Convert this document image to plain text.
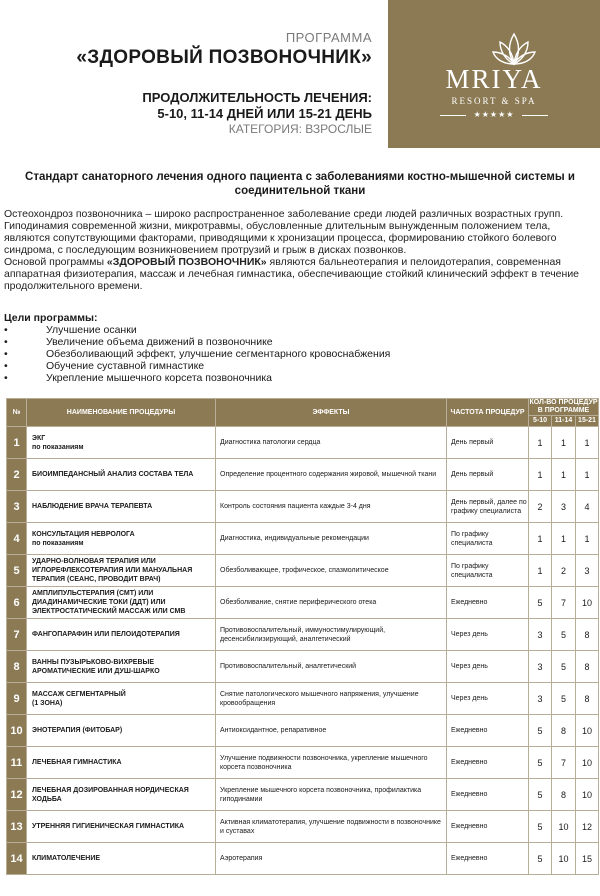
ПРОГРАММА
«ЗДОРОВЫЙ ПОЗВОНОЧНИК»
ПРОДОЛЖИТЕЛЬНОСТЬ ЛЕЧЕНИЯ:
5-10, 11-14 ДНЕЙ ИЛИ 15-21 ДЕНЬ
КАТЕГОРИЯ: ВЗРОСЛЫЕ
MRIYA
RESORT & SPA
★★★★★
Стандарт санаторного лечения одного пациента с заболеваниями костно-мышечной системы и соединительной ткани

Остеохондроз позвоночника – широко распространенное заболевание среди людей различных возрастных групп. Гиподинамия современной жизни, микротравмы, обусловленные длительным вынужденным положением тела, являются сопутствующими факторами, приводящими к хронизации процесса, формированию стойкого болевого синдрома, с последующим возникновением протрузий и грыж в дисках позвонков.

Основой программы «ЗДОРОВЫЙ ПОЗВОНОЧНИК» являются бальнеотерапия и пелоидотерапия, современная аппаратная физиотерапия, массаж и лечебная гимнастика, обеспечивающие стойкий клинический эффект в течение продолжительного времени.

Цели программы:
• Улучшение осанки
• Увеличение объема движений в позвоночнике
• Обезболивающий эффект, улучшение сегментарного кровоснабжения
• Обучение суставной гимнастике
• Укрепление мышечного корсета позвоночника
№	НАИМЕНОВАНИЕ ПРОЦЕДУРЫ	ЭФФЕКТЫ	ЧАСТОТА ПРОЦЕДУР	КОЛ-ВО ПРОЦЕДУР В ПРОГРАММЕ		
				5-10	11-14	15-21
1	ЭКГ
по показаниям	Диагностика патологии сердца	День первый	1	1	1
2	БИОИМПЕДАНСНЫЙ АНАЛИЗ СОСТАВА ТЕЛА	Определение процентного содержания жировой, мышечной ткани	День первый	1	1	1
3	НАБЛЮДЕНИЕ ВРАЧА ТЕРАПЕВТА	Контроль состояния пациента каждые 3-4 дня	День первый, далее по графику специалиста	2	3	4
4	КОНСУЛЬТАЦИЯ НЕВРОЛОГА
по показаниям	Диагностика, индивидуальные рекомендации	По графику специалиста	1	1	1
5	УДАРНО-ВОЛНОВАЯ ТЕРАПИЯ ИЛИ ИГЛОРЕФЛЕКСОТЕРАПИЯ ИЛИ МАНУАЛЬНАЯ ТЕРАПИЯ (СЕАНС, ПРОВОДИТ ВРАЧ)	Обезболивающее, трофическое, спазмолитическое	По графику специалиста	1	2	3
6	АМПЛИПУЛЬСТЕРАПИЯ (СМТ) ИЛИ ДИАДИНАМИЧЕСКИЕ ТОКИ (ДДТ) ИЛИ ЭЛЕКТРОСТАТИЧЕСКИЙ МАССАЖ ИЛИ СМВ	Обезболивание, снятие периферического отека	Ежедневно	5	7	10
7	ФАНГОПАРАФИН ИЛИ ПЕЛОИДОТЕРАПИЯ	Противовоспалительный, иммуностимулирующий, десенсибилизирующий, аналгетический	Через день	3	5	8
8	ВАННЫ ПУЗЫРЬКОВО-ВИХРЕВЫЕ АРОМАТИЧЕСКИЕ ИЛИ ДУШ-ШАРКО	Противовоспалительный, аналгетический	Через день	3	5	8
9	МАССАЖ СЕГМЕНТАРНЫЙ
(1 ЗОНА)	Снятие патологического мышечного напряжения, улучшение кровообращения	Через день	3	5	8
10	ЭНОТЕРАПИЯ (ФИТОБАР)	Антиоксидантное, репаративное	Ежедневно	5	8	10
11	ЛЕЧЕБНАЯ ГИМНАСТИКА	Улучшение подвижности позвоночника, укрепление мышечного корсета позвоночника	Ежедневно	5	7	10
12	ЛЕЧЕБНАЯ ДОЗИРОВАННАЯ НОРДИЧЕСКАЯ ХОДЬБА	Укрепление мышечного корсета позвоночника, профилактика гиподинамии	Ежедневно	5	8	10
13	УТРЕННЯЯ ГИГИЕНИЧЕСКАЯ ГИМНАСТИКА	Активная климатотерапия, улучшение подвижности в позвоночнике и суставах	Ежедневно	5	10	12
14	КЛИМАТОЛЕЧЕНИЕ	Аэротерапия	Ежедневно	5	10	15
